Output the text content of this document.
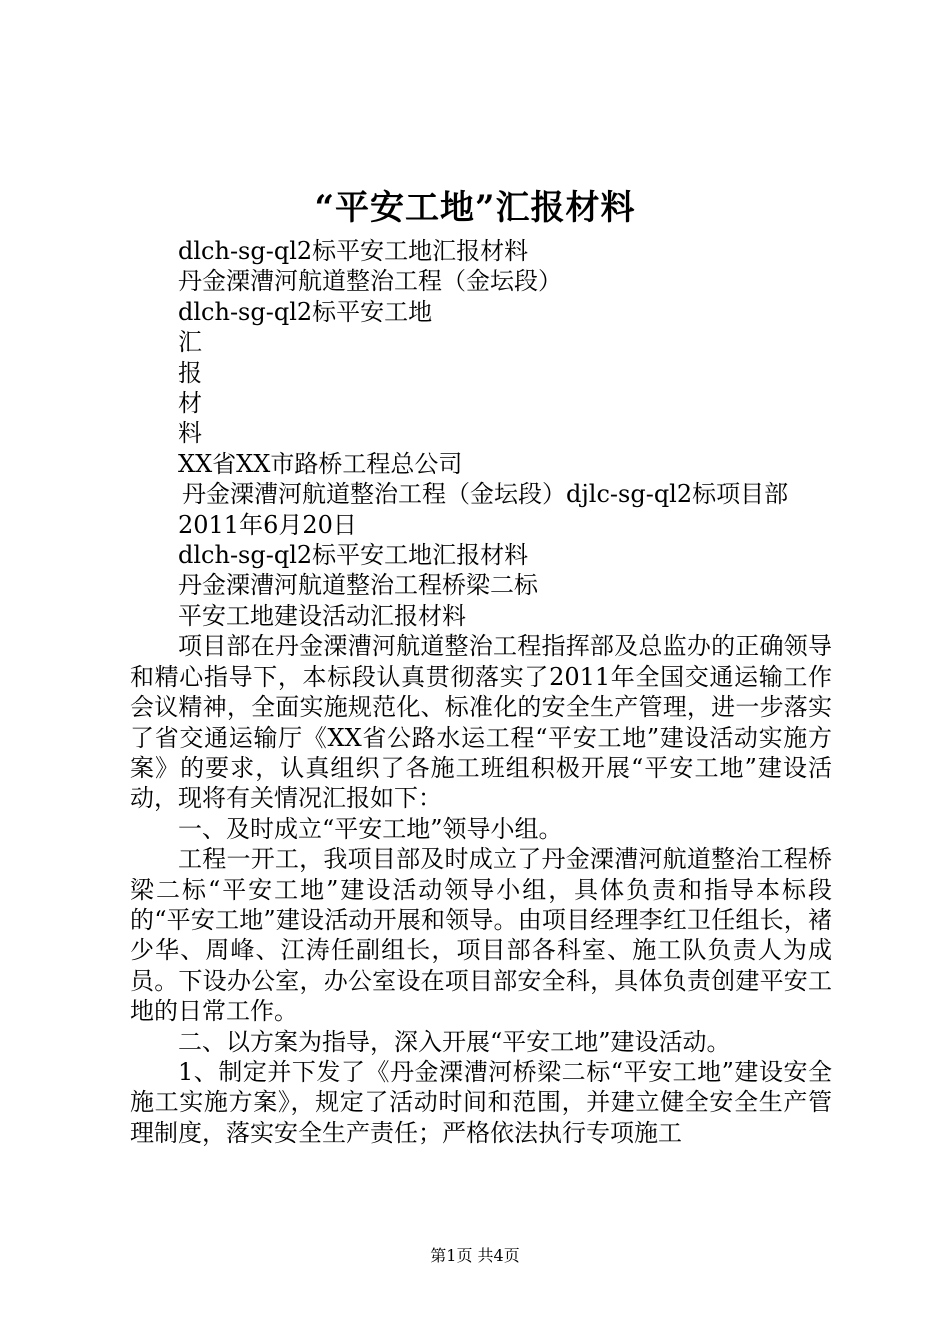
“平安工地”汇报材料
dlch-sg-ql2标平安工地汇报材料
丹金溧漕河航道整治工程（金坛段）
dlch-sg-ql2标平安工地
汇
报
材
料
XX省XX市路桥工程总公司
丹金溧漕河航道整治工程（金坛段）djlc-sg-ql2标项目部
2011年6月20日
dlch-sg-ql2标平安工地汇报材料
丹金溧漕河航道整治工程桥梁二标
平安工地建设活动汇报材料
项目部在丹金溧漕河航道整治工程指挥部及总监办的正确领导和精心指导下，本标段认真贯彻落实了2011年全国交通运输工作会议精神，全面实施规范化、标准化的安全生产管理，进一步落实了省交通运输厅《XX省公路水运工程“平安工地”建设活动实施方案》的要求，认真组织了各施工班组积极开展“平安工地”建设活动，现将有关情况汇报如下：
一、及时成立“平安工地”领导小组。
工程一开工，我项目部及时成立了丹金溧漕河航道整治工程桥梁二标“平安工地”建设活动领导小组，具体负责和指导本标段的“平安工地”建设活动开展和领导。由项目经理李红卫任组长，褚少华、周峰、江涛任副组长，项目部各科室、施工队负责人为成员。下设办公室，办公室设在项目部安全科，具体负责创建平安工地的日常工作。
二、以方案为指导，深入开展“平安工地”建设活动。
1、制定并下发了《丹金溧漕河桥梁二标“平安工地”建设安全施工实施方案》，规定了活动时间和范围，并建立健全安全生产管理制度，落实安全生产责任；严格依法执行专项施工
第1页 共4页
